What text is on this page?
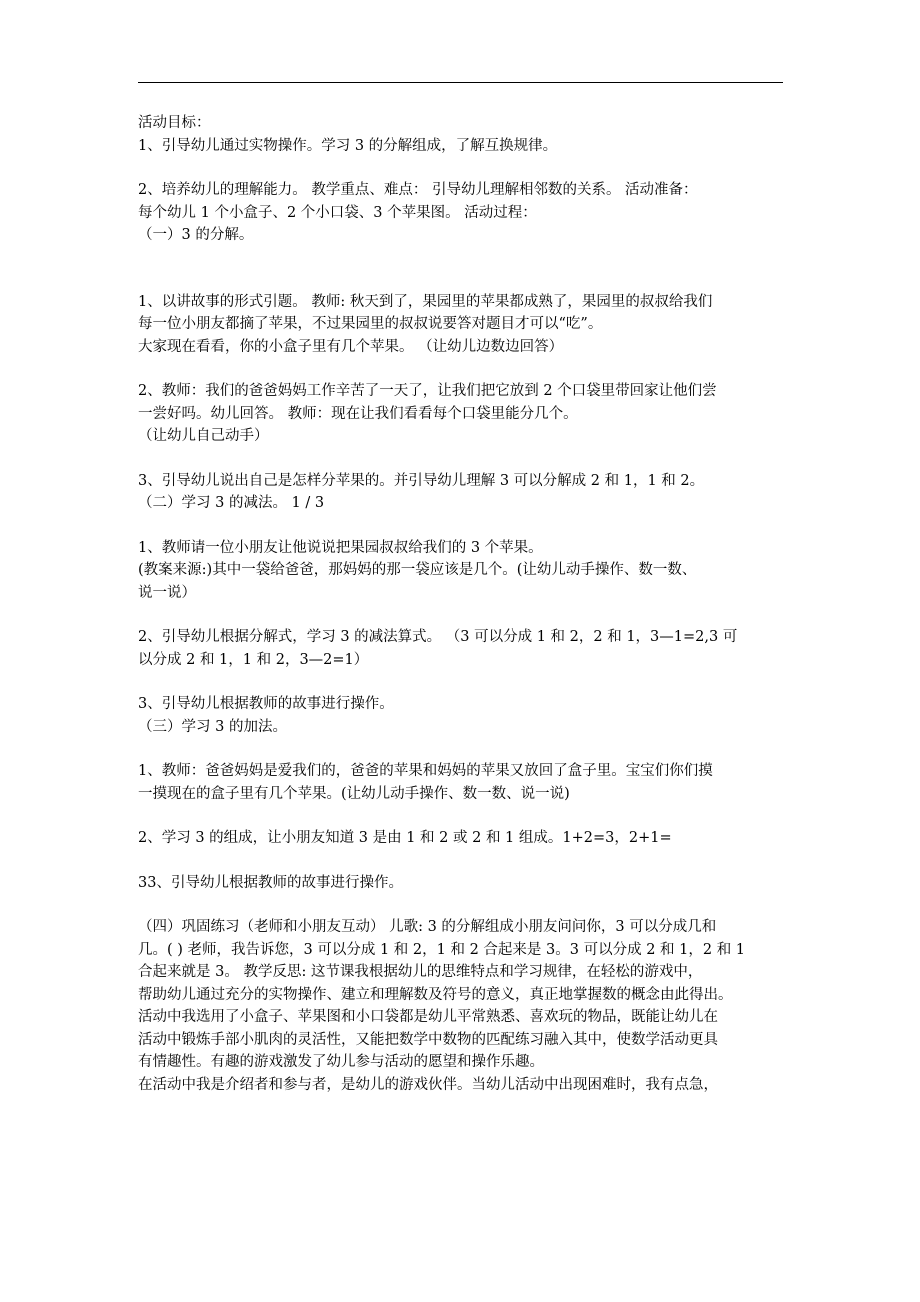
活动目标：

1、引导幼儿通过实物操作。学习 3 的分解组成，了解互换规律。

2、培养幼儿的理解能力。 教学重点、难点： 引导幼儿理解相邻数的关系。 活动准备：

每个幼儿 1 个小盒子、2 个小口袋、3 个苹果图。 活动过程：

（一）3 的分解。

1、以讲故事的形式引题。 教师: 秋天到了，果园里的苹果都成熟了，果园里的叔叔给我们

每一位小朋友都摘了苹果，不过果园里的叔叔说要答对题目才可以“吃”。

大家现在看看，你的小盒子里有几个苹果。 （让幼儿边数边回答）

2、教师：我们的爸爸妈妈工作辛苦了一天了，让我们把它放到 2 个口袋里带回家让他们尝

一尝好吗。幼儿回答。 教师：现在让我们看看每个口袋里能分几个。

（让幼儿自己动手）

3、引导幼儿说出自己是怎样分苹果的。并引导幼儿理解 3 可以分解成 2 和 1，1 和 2。

（二）学习 3 的减法。 1 / 3

1、教师请一位小朋友让他说说把果园叔叔给我们的 3 个苹果。

(教案来源:)其中一袋给爸爸，那妈妈的那一袋应该是几个。(让幼儿动手操作、数一数、

说一说）

2、引导幼儿根据分解式，学习 3 的减法算式。 （3 可以分成 1 和 2，2 和 1，3—1=2,3 可

以分成 2 和 1，1 和 2，3—2=1）

3、引导幼儿根据教师的故事进行操作。

（三）学习 3 的加法。

1、教师：爸爸妈妈是爱我们的，爸爸的苹果和妈妈的苹果又放回了盒子里。宝宝们你们摸

一摸现在的盒子里有几个苹果。(让幼儿动手操作、数一数、说一说)

2、学习 3 的组成，让小朋友知道 3 是由 1 和 2 或 2 和 1 组成。1+2=3，2+1=

33、引导幼儿根据教师的故事进行操作。

（四）巩固练习（老师和小朋友互动） 儿歌: 3 的分解组成小朋友问问你，3 可以分成几和

几。( ) 老师，我告诉您，3 可以分成 1 和 2，1 和 2 合起来是 3。3 可以分成 2 和 1，2 和 1

合起来就是 3。 教学反思: 这节课我根据幼儿的思维特点和学习规律，在轻松的游戏中，

帮助幼儿通过充分的实物操作、建立和理解数及符号的意义，真正地掌握数的概念由此得出。

活动中我选用了小盒子、苹果图和小口袋都是幼儿平常熟悉、喜欢玩的物品，既能让幼儿在

活动中锻炼手部小肌肉的灵活性，又能把数学中数物的匹配练习融入其中，使数学活动更具

有情趣性。有趣的游戏激发了幼儿参与活动的愿望和操作乐趣。

在活动中我是介绍者和参与者，是幼儿的游戏伙伴。当幼儿活动中出现困难时，我有点急，
